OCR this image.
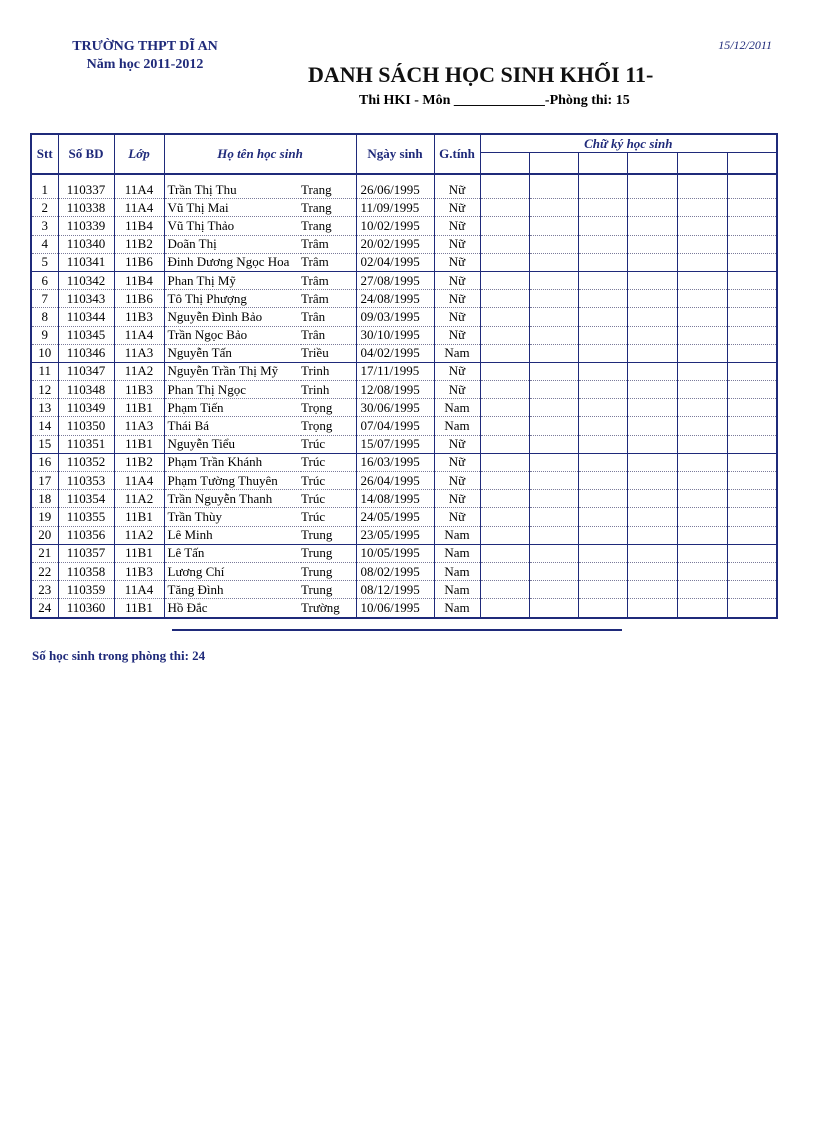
TRƯỜNG THPT DĨ AN
Năm học 2011-2012
15/12/2011
DANH SÁCH HỌC SINH KHỐI 11-
Thi HKI - Môn _____________-Phòng thi: 15
Stt	Số BD	Lớp	Họ tên học sinh		Ngày sinh	G.tính	Chữ ký học sinh					

1	110337	11A4	Trần Thị Thu	Trang	26/06/1995	Nữ						
2	110338	11A4	Vũ Thị Mai	Trang	11/09/1995	Nữ						
3	110339	11B4	Vũ Thị Thảo	Trang	10/02/1995	Nữ						
4	110340	11B2	Doãn Thị	Trâm	20/02/1995	Nữ						
5	110341	11B6	Đinh Dương Ngọc Hoa	Trâm	02/04/1995	Nữ						
6	110342	11B4	Phan Thị Mỹ	Trâm	27/08/1995	Nữ						
7	110343	11B6	Tô Thị Phượng	Trâm	24/08/1995	Nữ						
8	110344	11B3	Nguyễn Đình Bảo	Trân	09/03/1995	Nữ						
9	110345	11A4	Trần Ngọc Bảo	Trân	30/10/1995	Nữ						
10	110346	11A3	Nguyễn Tấn	Triều	04/02/1995	Nam						
11	110347	11A2	Nguyễn Trần Thị Mỹ	Trinh	17/11/1995	Nữ						
12	110348	11B3	Phan Thị Ngọc	Trinh	12/08/1995	Nữ						
13	110349	11B1	Phạm Tiến	Trọng	30/06/1995	Nam						
14	110350	11A3	Thái Bá	Trọng	07/04/1995	Nam						
15	110351	11B1	Nguyễn Tiểu	Trúc	15/07/1995	Nữ						
16	110352	11B2	Phạm Trần Khánh	Trúc	16/03/1995	Nữ						
17	110353	11A4	Phạm Tường Thuyên	Trúc	26/04/1995	Nữ						
18	110354	11A2	Trần Nguyễn Thanh	Trúc	14/08/1995	Nữ						
19	110355	11B1	Trần Thùy	Trúc	24/05/1995	Nữ						
20	110356	11A2	Lê Minh	Trung	23/05/1995	Nam						
21	110357	11B1	Lê Tấn	Trung	10/05/1995	Nam						
22	110358	11B3	Lương Chí	Trung	08/02/1995	Nam						
23	110359	11A4	Tăng Đình	Trung	08/12/1995	Nam						
24	110360	11B1	Hồ Đắc	Trường	10/06/1995	Nam						
Số học sinh trong phòng thi: 24
